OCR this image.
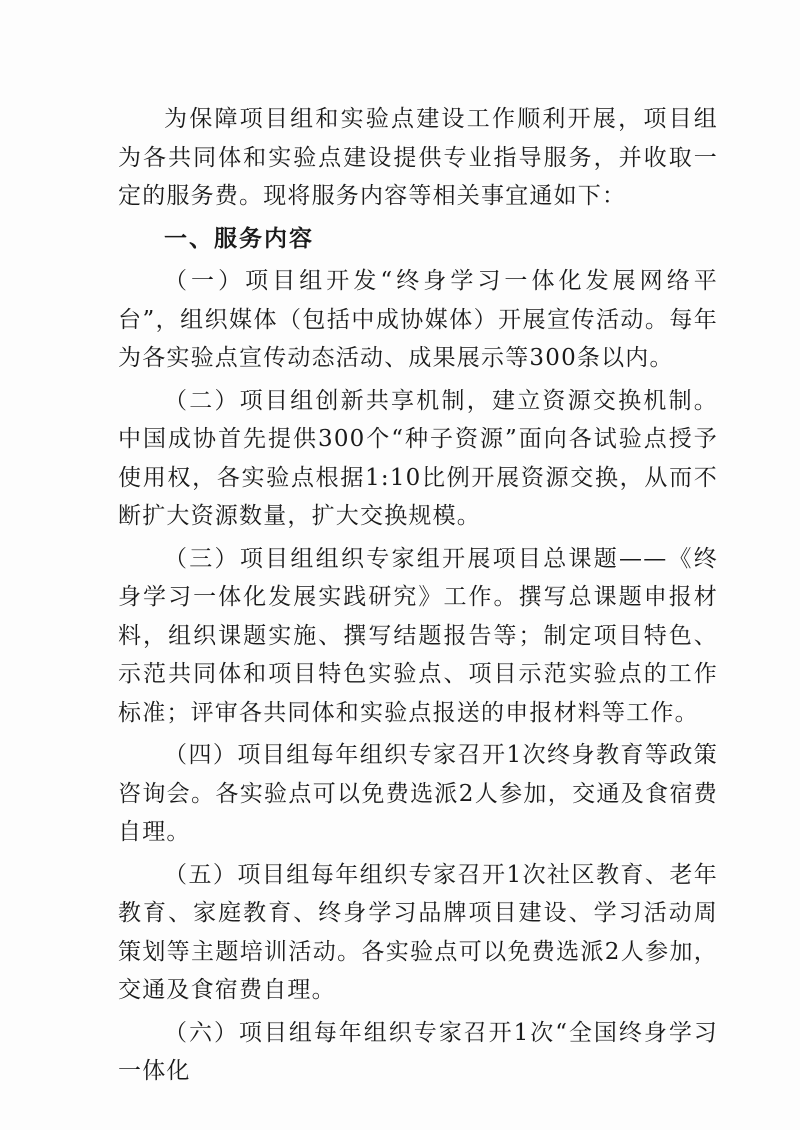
为保障项目组和实验点建设工作顺利开展，项目组为各共同体和实验点建设提供专业指导服务，并收取一定的服务费。现将服务内容等相关事宜通如下：

一、服务内容

（一）项目组开发“终身学习一体化发展网络平台”，组织媒体（包括中成协媒体）开展宣传活动。每年为各实验点宣传动态活动、成果展示等300条以内。

（二）项目组创新共享机制，建立资源交换机制。中国成协首先提供300个“种子资源”面向各试验点授予使用权，各实验点根据1:10比例开展资源交换，从而不断扩大资源数量，扩大交换规模。

（三）项目组组织专家组开展项目总课题——《终身学习一体化发展实践研究》工作。撰写总课题申报材料，组织课题实施、撰写结题报告等；制定项目特色、示范共同体和项目特色实验点、项目示范实验点的工作标准；评审各共同体和实验点报送的申报材料等工作。

（四）项目组每年组织专家召开1次终身教育等政策咨询会。各实验点可以免费选派2人参加，交通及食宿费自理。

（五）项目组每年组织专家召开1次社区教育、老年教育、家庭教育、终身学习品牌项目建设、学习活动周策划等主题培训活动。各实验点可以免费选派2人参加，交通及食宿费自理。

（六）项目组每年组织专家召开1次“全国终身学习一体化
